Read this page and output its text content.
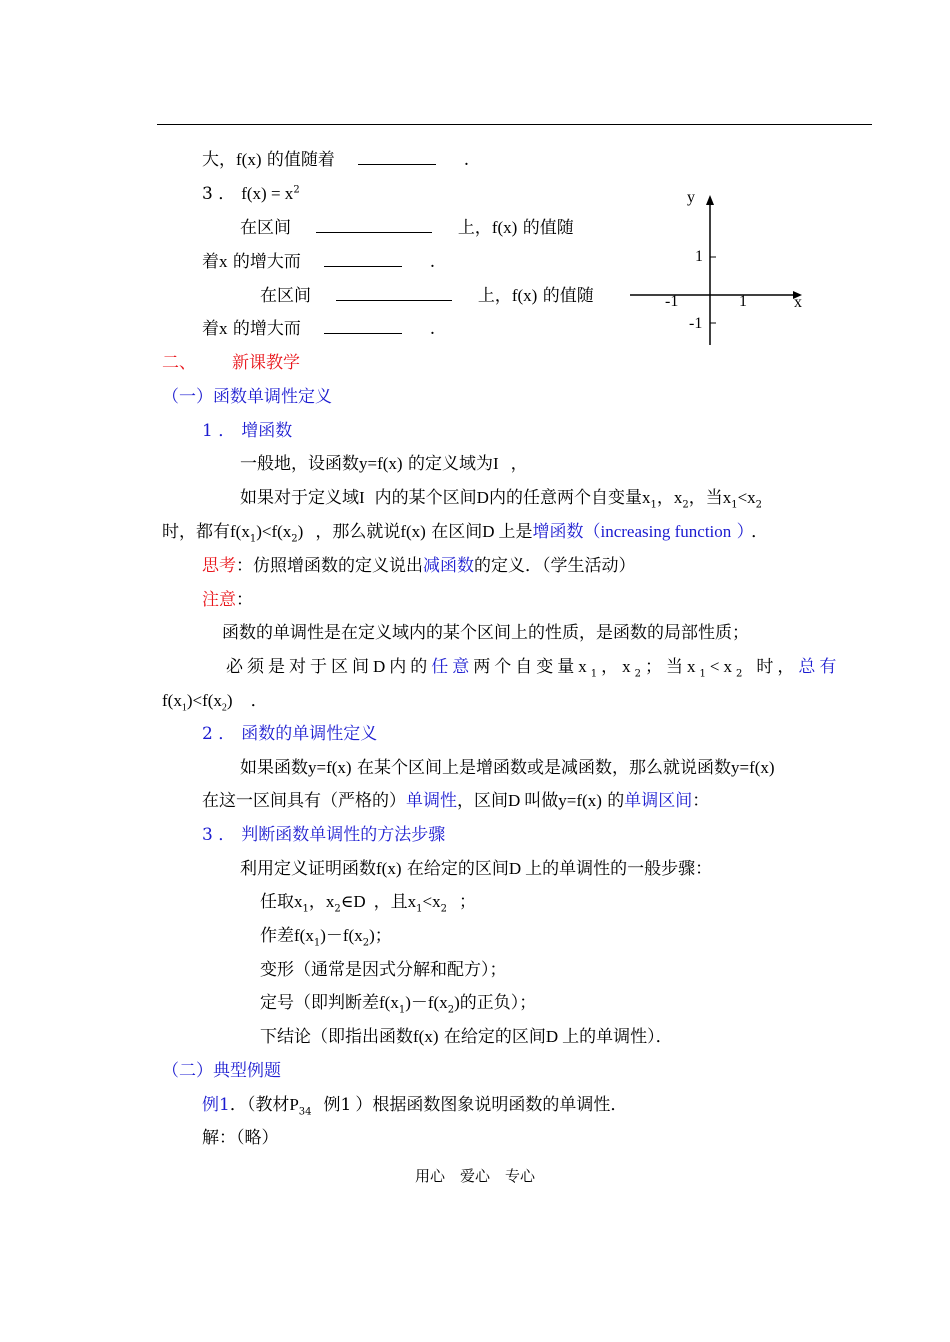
大，f(x) 的值随着	.
3 ． $f(x) = x^2$
在区间	上，f(x) 的值随
着x 的增大而	.
在区间	上，f(x) 的值随
着x 的增大而	.
y
x
1
-1
-1	1
二、 新课教学
（一）函数单调性定义
1 ． 增函数
一般地，设函数y=f(x) 的定义域为I ，
如果对于定义域I 内的某个区间D内的任意两个自变量$x_1$，$x_2$，当$x_1<x_2$
时，都有$f(x_1)<f(x_2)$ ，那么就说f(x) 在区间D 上是增函数（increasing function ） ．
思考：仿照增函数的定义说出减函数的定义．（学生活动）
注意：
函数的单调性是在定义域内的某个区间上的性质，是函数的局部性质；
必须是对于区间D内的任意两个自变量$x_1$，$x_2$；当$x_1<x_2$ 时，总有
$f(x_1)<f(x_2)$ ．
2 ． 函数的单调性定义
如果函数y=f(x) 在某个区间上是增函数或是减函数，那么就说函数y=f(x)
在这一区间具有（严格的）单调性，区间D 叫做y=f(x) 的单调区间：
3 ． 判断函数单调性的方法步骤
利用定义证明函数f(x) 在给定的区间D 上的单调性的一般步骤：
任取$x_1$，$x_2\in D$ ，且$x_1<x_2$ ；
作差$f(x_1)-f(x_2)$；
变形（通常是因式分解和配方）；
定号（即判断差$f(x_1)-f(x_2)$的正负）；
下结论（即指出函数f(x) 在给定的区间D 上的单调性）．
（二）典型例题
例1．（教材$P_{34}$ 例1 ）根据函数图象说明函数的单调性．
解：（略）
用心　爱心　专心
